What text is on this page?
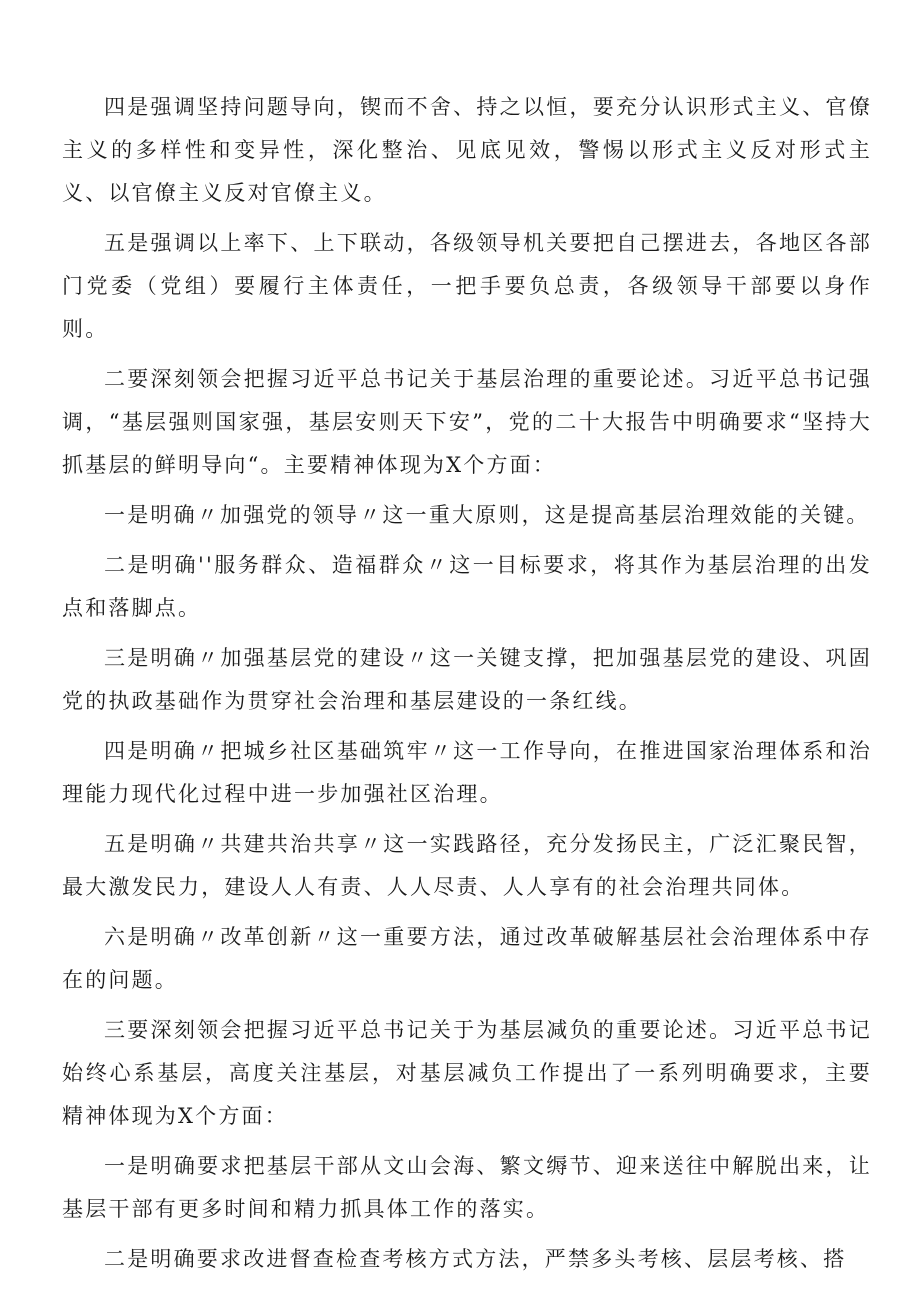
四是强调坚持问题导向，锲而不舍、持之以恒，要充分认识形式主义、官僚主义的多样性和变异性，深化整治、见底见效，警惕以形式主义反对形式主义、以官僚主义反对官僚主义。

五是强调以上率下、上下联动，各级领导机关要把自己摆进去，各地区各部门党委（党组）要履行主体责任，一把手要负总责，各级领导干部要以身作则。

二要深刻领会把握习近平总书记关于基层治理的重要论述。习近平总书记强调，“基层强则国家强，基层安则天下安”，党的二十大报告中明确要求“坚持大抓基层的鲜明导向“。主要精神体现为X个方面：

一是明确〃加强党的领导〃这一重大原则，这是提高基层治理效能的关键。

二是明确''服务群众、造福群众〃这一目标要求，将其作为基层治理的出发点和落脚点。

三是明确〃加强基层党的建设〃这一关键支撑，把加强基层党的建设、巩固党的执政基础作为贯穿社会治理和基层建设的一条红线。

四是明确〃把城乡社区基础筑牢〃这一工作导向，在推进国家治理体系和治理能力现代化过程中进一步加强社区治理。

五是明确〃共建共治共享〃这一实践路径，充分发扬民主，广泛汇聚民智，最大激发民力，建设人人有责、人人尽责、人人享有的社会治理共同体。

六是明确〃改革创新〃这一重要方法，通过改革破解基层社会治理体系中存在的问题。

三要深刻领会把握习近平总书记关于为基层减负的重要论述。习近平总书记始终心系基层，高度关注基层，对基层减负工作提出了一系列明确要求，主要精神体现为X个方面：

一是明确要求把基层干部从文山会海、繁文缛节、迎来送往中解脱出来，让基层干部有更多时间和精力抓具体工作的落实。

二是明确要求改进督查检查考核方式方法，严禁多头考核、层层考核、搭
